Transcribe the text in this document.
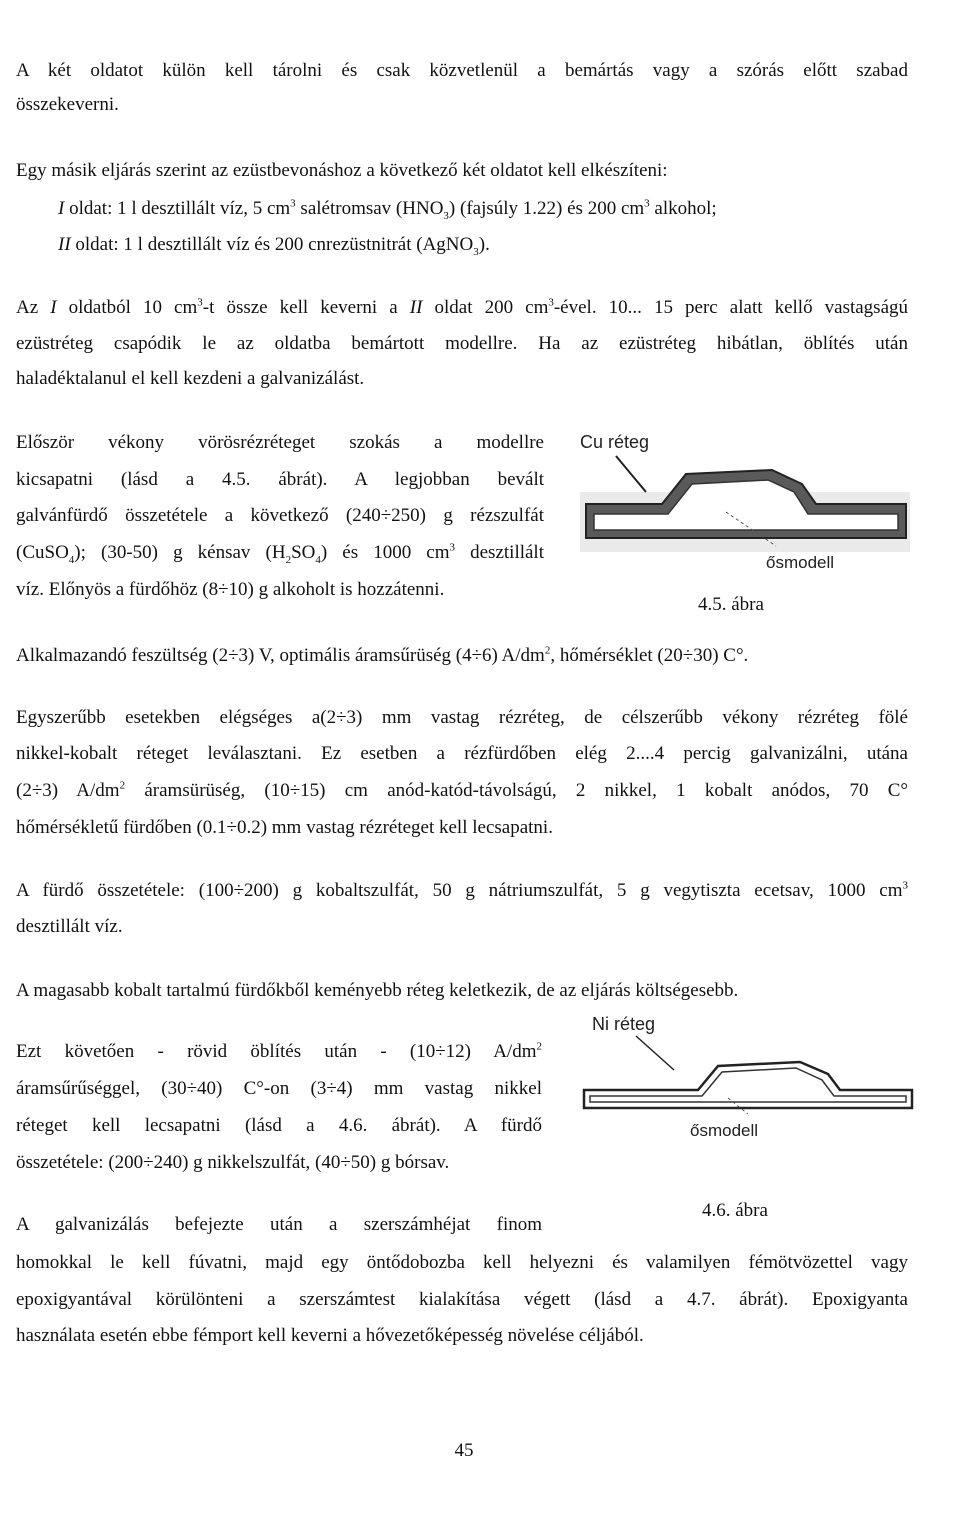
A két oldatot külön kell tárolni és csak közvetlenül a bemártás vagy a szórás előtt szabad
összekeverni.
Egy másik eljárás szerint az ezüstbevonáshoz a következő két oldatot kell elkészíteni:
I oldat: 1 l desztillált víz, 5 $cm^3$ salétromsav $(HNO_3)$ (fajsúly 1.22) és 200 $cm^3$ alkohol;
II oldat: 1 l desztillált víz és 200 cnrezüstnitrát (AgNO$_3$).
Az I oldatból 10 $cm^3-t$ össze kell keverni a II oldat 200 $cm^3$-ével. 10... 15 perc alatt kellő vastagságú
ezüstréteg csapódik le az oldatba bemártott modellre. Ha az ezüstréteg hibátlan, öblítés után
haladéktalanul el kell kezdeni a galvanizálást.
Először vékony vörösrézréteget szokás a modellre
kicsapatni (lásd a 4.5. ábrát). A legjobban bevált
galvánfürdő összetétele a következő (240÷250) g rézszulfát
(CuSO$_4$); (30-50) g kénsav $(H_2SO_4)$ és 1000 $cm^3$ desztillált
víz. Előnyös a fürdőhöz (8÷10) g alkoholt is hozzátenni.
Cu réteg
ősmodell
4.5. ábra
Alkalmazandó feszültség (2÷3) V, optimális áramsűrüség (4÷6) $A/dm^2$, hőmérséklet (20÷30) C°.
Egyszerűbb esetekben elégséges a(2÷3) mm vastag rézréteg, de célszerűbb vékony rézréteg fölé
nikkel-kobalt réteget leválasztani. Ez esetben a rézfürdőben elég 2....4 percig galvanizálni, utána
(2÷3) $A/dm^2$ áramsürüség, (10÷15) cm anód-katód-távolságú, 2 nikkel, 1 kobalt anódos, 70 C°
hőmérsékletű fürdőben (0.1÷0.2) mm vastag rézréteget kell lecsapatni.
A fürdő összetétele: (100÷200) g kobaltszulfát, 50 g nátriumszulfát, 5 g vegytiszta ecetsav, 1000 $cm^3$
desztillált víz.
A magasabb kobalt tartalmú fürdőkből keményebb réteg keletkezik, de az eljárás költségesebb.
Ezt követően - rövid öblítés után - (10÷12) $A/dm^2$
áramsűrűséggel, (30÷40) C°-on (3÷4) mm vastag nikkel
réteget kell lecsapatni (lásd a 4.6. ábrát). A fürdő
összetétele: (200÷240) g nikkelszulfát, (40÷50) g bórsav.
Ni réteg
ősmodell
4.6. ábra
A galvanizálás befejezte után a szerszámhéjat finom
homokkal le kell fúvatni, majd egy öntődobozba kell helyezni és valamilyen fémötvözettel vagy
epoxigyantával körülönteni a szerszámtest kialakítása végett (lásd a 4.7. ábrát). Epoxigyanta
használata esetén ebbe fémport kell keverni a hővezetőképesség növelése céljából.
45
